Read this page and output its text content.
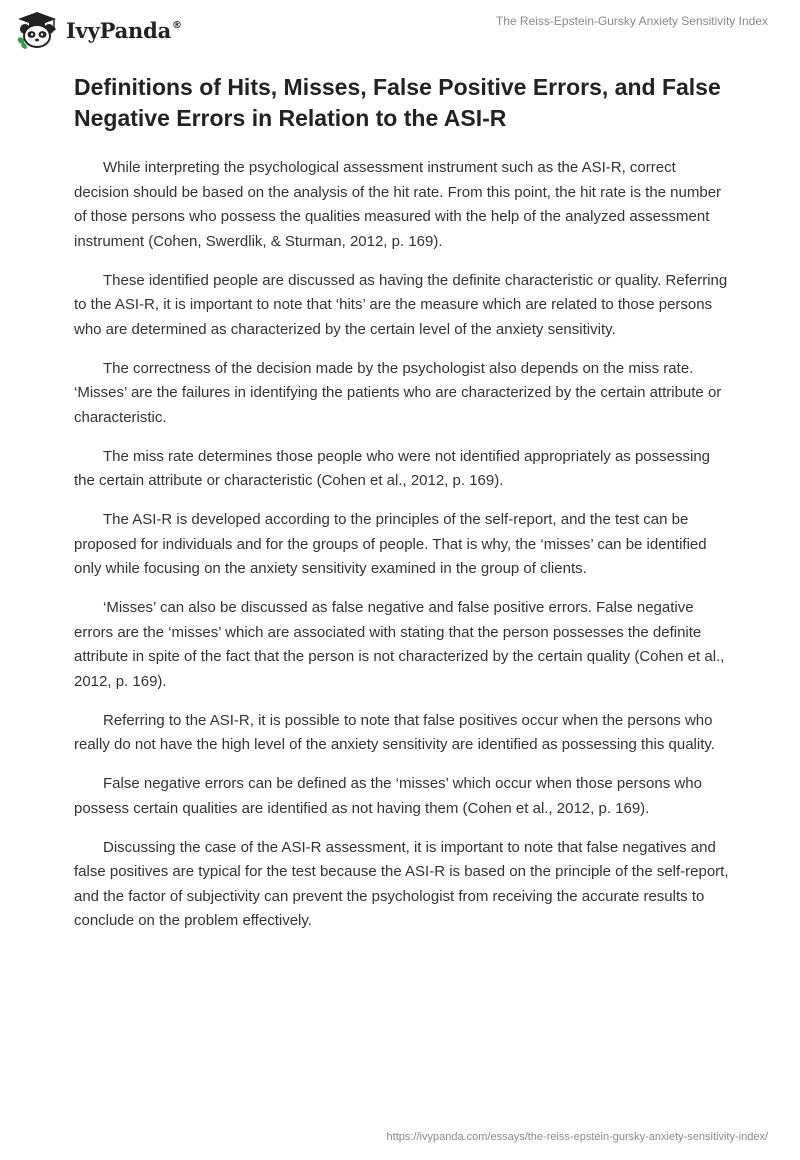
IvyPanda®	The Reiss-Epstein-Gursky Anxiety Sensitivity Index
Definitions of Hits, Misses, False Positive Errors, and False Negative Errors in Relation to the ASI-R

While interpreting the psychological assessment instrument such as the ASI-R, correct decision should be based on the analysis of the hit rate. From this point, the hit rate is the number of those persons who possess the qualities measured with the help of the analyzed assessment instrument (Cohen, Swerdlik, & Sturman, 2012, p. 169).

These identified people are discussed as having the definite characteristic or quality. Referring to the ASI-R, it is important to note that ‘hits’ are the measure which are related to those persons who are determined as characterized by the certain level of the anxiety sensitivity.

The correctness of the decision made by the psychologist also depends on the miss rate. ‘Misses’ are the failures in identifying the patients who are characterized by the certain attribute or characteristic.

The miss rate determines those people who were not identified appropriately as possessing the certain attribute or characteristic (Cohen et al., 2012, p. 169).

The ASI-R is developed according to the principles of the self-report, and the test can be proposed for individuals and for the groups of people. That is why, the ‘misses’ can be identified only while focusing on the anxiety sensitivity examined in the group of clients.

‘Misses’ can also be discussed as false negative and false positive errors. False negative errors are the ‘misses’ which are associated with stating that the person possesses the definite attribute in spite of the fact that the person is not characterized by the certain quality (Cohen et al., 2012, p. 169).

Referring to the ASI-R, it is possible to note that false positives occur when the persons who really do not have the high level of the anxiety sensitivity are identified as possessing this quality.

False negative errors can be defined as the ‘misses’ which occur when those persons who possess certain qualities are identified as not having them (Cohen et al., 2012, p. 169).

Discussing the case of the ASI-R assessment, it is important to note that false negatives and false positives are typical for the test because the ASI-R is based on the principle of the self-report, and the factor of subjectivity can prevent the psychologist from receiving the accurate results to conclude on the problem effectively.

https://ivypanda.com/essays/the-reiss-epstein-gursky-anxiety-sensitivity-index/
